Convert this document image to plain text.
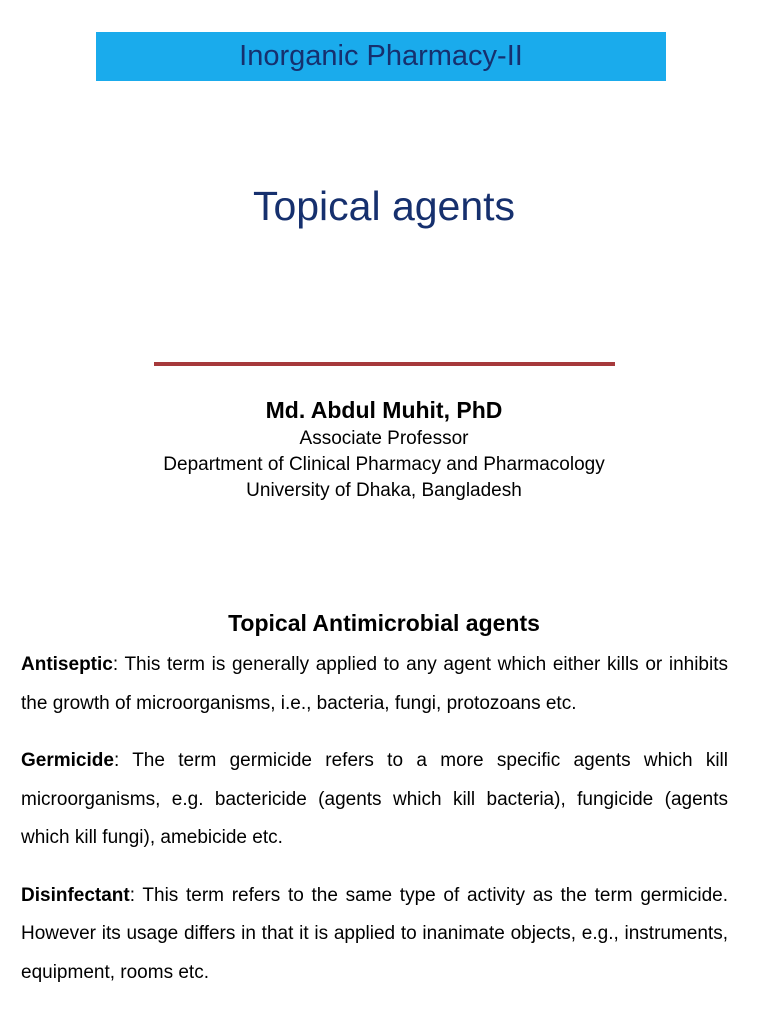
Inorganic Pharmacy-II
Topical agents
Md. Abdul Muhit, PhD
Associate Professor
Department of Clinical Pharmacy and Pharmacology
University of Dhaka, Bangladesh
Topical Antimicrobial agents

Antiseptic: This term is generally applied to any agent which either kills or inhibits the growth of microorganisms, i.e., bacteria, fungi, protozoans etc.

Germicide: The term germicide refers to a more specific agents which kill microorganisms, e.g. bactericide (agents which kill bacteria), fungicide (agents which kill fungi), amebicide etc.

Disinfectant: This term refers to the same type of activity as the term germicide. However its usage differs in that it is applied to inanimate objects, e.g., instruments, equipment, rooms etc.
